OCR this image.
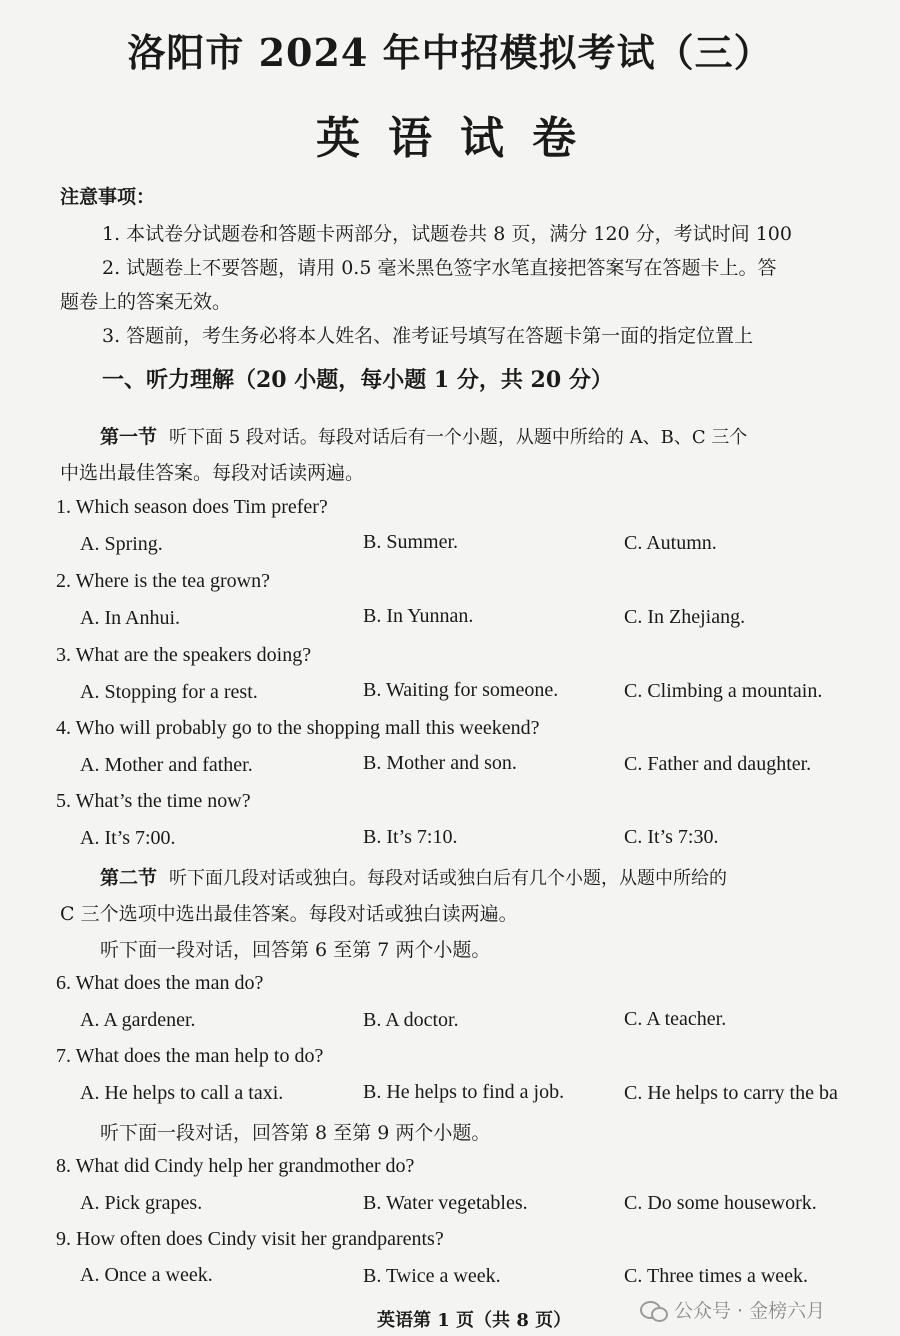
洛阳市 2024 年中招模拟考试（三）
英语试卷
注意事项：
1. 本试卷分试题卷和答题卡两部分，试题卷共 8 页，满分 120 分，考试时间 100
2. 试题卷上不要答题，请用 0.5 毫米黑色签字水笔直接把答案写在答题卡上。答
题卷上的答案无效。
3. 答题前，考生务必将本人姓名、准考证号填写在答题卡第一面的指定位置上
一、听力理解（20 小题，每小题 1 分，共 20 分）
第一节 听下面 5 段对话。每段对话后有一个小题，从题中所给的 A、B、C 三个
中选出最佳答案。每段对话读两遍。
1. Which season does Tim prefer?
A. Spring.	B. Summer.	C. Autumn.
2. Where is the tea grown?
A. In Anhui.	B. In Yunnan.	C. In Zhejiang.
3. What are the speakers doing?
A. Stopping for a rest.	B. Waiting for someone.	C. Climbing a mountain.
4. Who will probably go to the shopping mall this weekend?
A. Mother and father.	B. Mother and son.	C. Father and daughter.
5. What’s the time now?
A. It’s 7:00.	B. It’s 7:10.	C. It’s 7:30.
第二节 听下面几段对话或独白。每段对话或独白后有几个小题，从题中所给的
C 三个选项中选出最佳答案。每段对话或独白读两遍。
听下面一段对话，回答第 6 至第 7 两个小题。
6. What does the man do?
A. A gardener.	B. A doctor.	C. A teacher.
7. What does the man help to do?
A. He helps to call a taxi.	B. He helps to find a job.	C. He helps to carry the ba
听下面一段对话，回答第 8 至第 9 两个小题。
8. What did Cindy help her grandmother do?
A. Pick grapes.	B. Water vegetables.	C. Do some housework.
9. How often does Cindy visit her grandparents?
A. Once a week.	B. Twice a week.	C. Three times a week.
英语第 1 页（共 8 页）	公众号 · 金榜六月
